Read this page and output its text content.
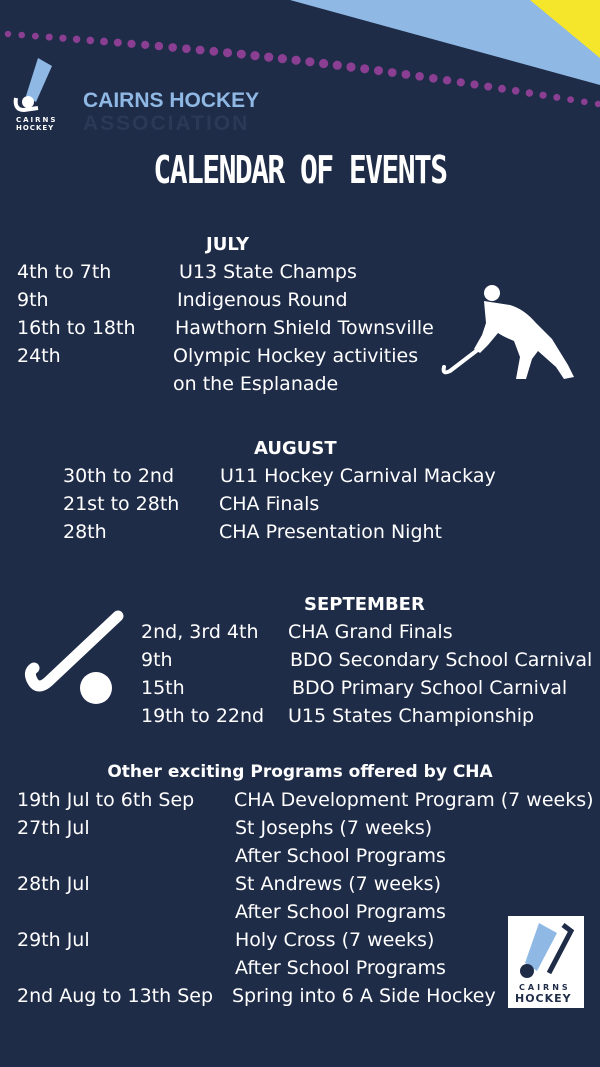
CAIRNS
HOCKEY
CAIRNS HOCKEY
ASSOCIATION
CALENDAR OF EVENTS
JULY
4th to 7th	U13 State Champs
9th	Indigenous Round
16th to 18th Hawthorn Shield Townsville
24th	Olympic Hockey activities
on the Esplanade
AUGUST
30th to 2nd U11 Hockey Carnival Mackay
21st to 28th CHA Finals
28th	CHA Presentation Night
SEPTEMBER
2nd, 3rd 4th CHA Grand Finals
9th	BDO Secondary School Carnival
15th	BDO Primary School Carnival
19th to 22nd U15 States Championship
Other exciting Programs offered by CHA
19th Jul to 6th Sep CHA Development Program (7 weeks)
27th Jul	St Josephs (7 weeks)
After School Programs
28th Jul	St Andrews (7 weeks)
After School Programs
29th Jul	Holy Cross (7 weeks)
After School Programs
2nd Aug to 13th Sep Spring into 6 A Side Hockey	CAIRNS
HOCKEY
